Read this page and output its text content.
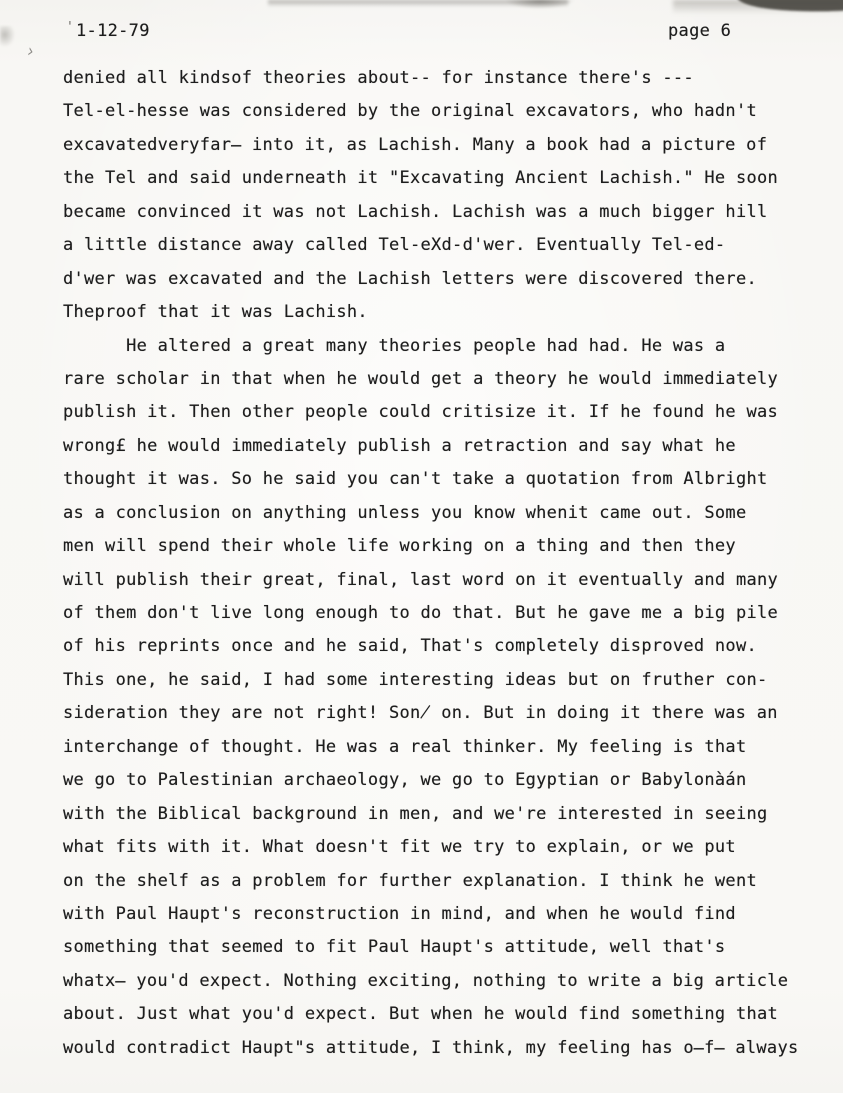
›
' 1-12-79	page 6
denied all kindsof theories about-- for instance there's ---
Tel-el-hesse was considered by the original excavators, who hadn't
excavatedveryfar̶ into it, as Lachish. Many a book had a picture of
the Tel and said underneath it "Excavating Ancient Lachish." He soon
became convinced it was not Lachish. Lachish was a much bigger hill
a little distance away called Tel-eXd-d'wer. Eventually Tel-ed-
d'wer was excavated and the Lachish letters were discovered there.
Theproof that it was Lachish.
He altered a great many theories people had had. He was a
rare scholar in that when he would get a theory he would immediately
publish it. Then other people could critisize it. If he found he was
wrong£ he would immediately publish a retraction and say what he
thought it was. So he said you can't take a quotation from Albright
as a conclusion on anything unless you know whenit came out. Some
men will spend their whole life working on a thing and then they
will publish their great, final, last word on it eventually and many
of them don't live long enough to do that. But he gave me a big pile
of his reprints once and he said, That's completely disproved now.
This one, he said, I had some interesting ideas but on fruther con-
sideration they are not right! Son̸ on. But in doing it there was an
interchange of thought. He was a real thinker. My feeling is that
we go to Palestinian archaeology, we go to Egyptian or Babylonàán
with the Biblical background in men, and we're interested in seeing
what fits with it. What doesn't fit we try to explain, or we put
on the shelf as a problem for further explanation. I think he went
with Paul Haupt's reconstruction in mind, and when he would find
something that seemed to fit Paul Haupt's attitude, well that's
whatx̶ you'd expect. Nothing exciting, nothing to write a big article
about. Just what you'd expect. But when he would find something that
would contradict Haupt"s attitude, I think, my feeling has o̶f̶ always
